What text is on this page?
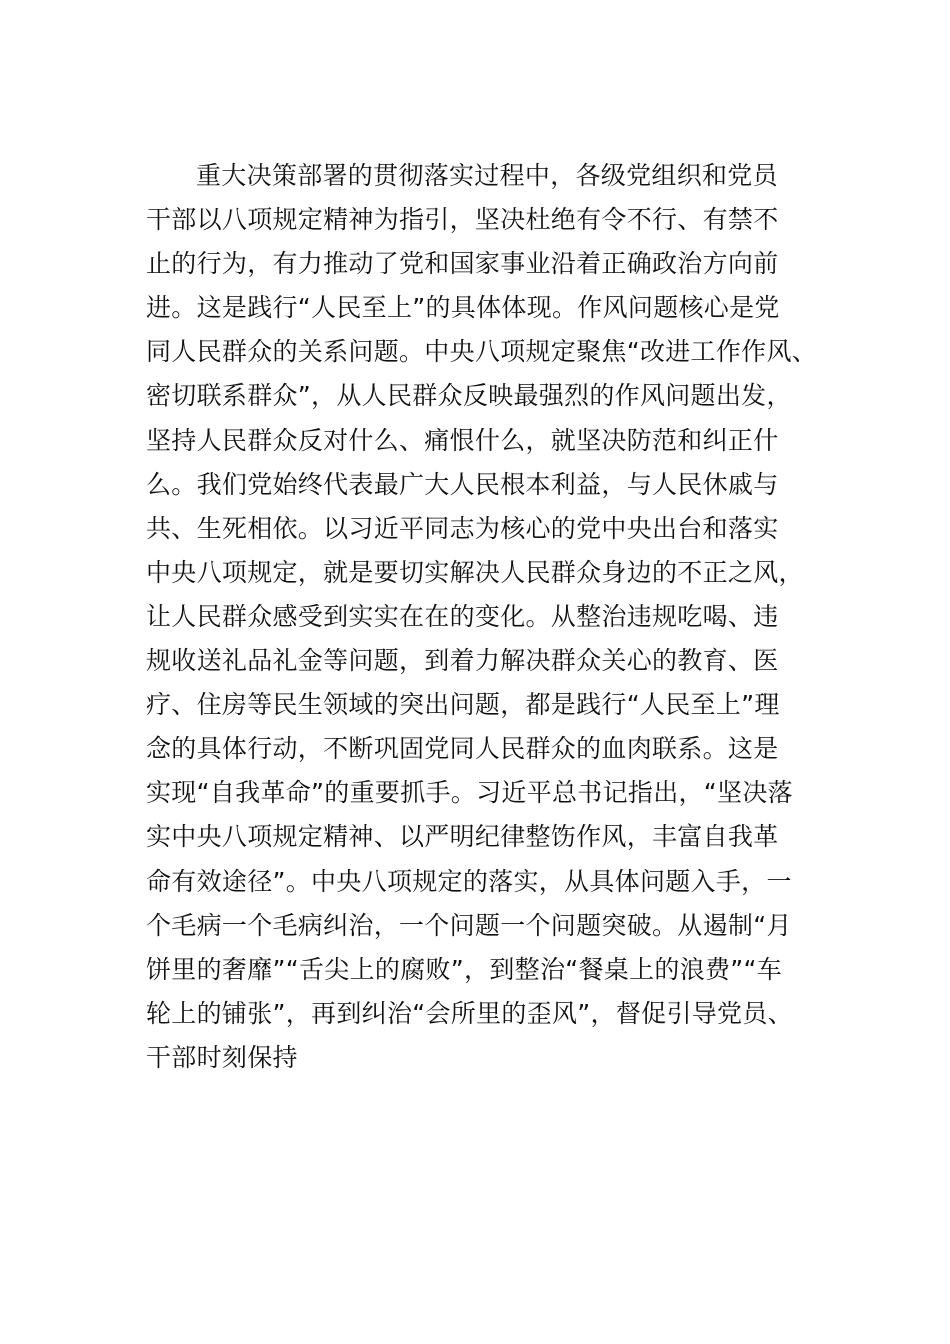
重大决策部署的贯彻落实过程中，各级党组织和党员
干部以八项规定精神为指引，坚决杜绝有令不行、有禁不
止的行为，有力推动了党和国家事业沿着正确政治方向前
进。这是践行“人民至上”的具体体现。作风问题核心是党
同人民群众的关系问题。中央八项规定聚焦“改进工作作风、
密切联系群众”，从人民群众反映最强烈的作风问题出发，
坚持人民群众反对什么、痛恨什么，就坚决防范和纠正什
么。我们党始终代表最广大人民根本利益，与人民休戚与
共、生死相依。以习近平同志为核心的党中央出台和落实
中央八项规定，就是要切实解决人民群众身边的不正之风，
让人民群众感受到实实在在的变化。从整治违规吃喝、违
规收送礼品礼金等问题，到着力解决群众关心的教育、医
疗、住房等民生领域的突出问题，都是践行“人民至上”理
念的具体行动，不断巩固党同人民群众的血肉联系。这是
实现“自我革命”的重要抓手。习近平总书记指出，“坚决落
实中央八项规定精神、以严明纪律整饬作风，丰富自我革
命有效途径”。中央八项规定的落实，从具体问题入手，一
个毛病一个毛病纠治，一个问题一个问题突破。从遏制“月
饼里的奢靡”“舌尖上的腐败”，到整治“餐桌上的浪费”“车
轮上的铺张”，再到纠治“会所里的歪风”，督促引导党员、
干部时刻保持
